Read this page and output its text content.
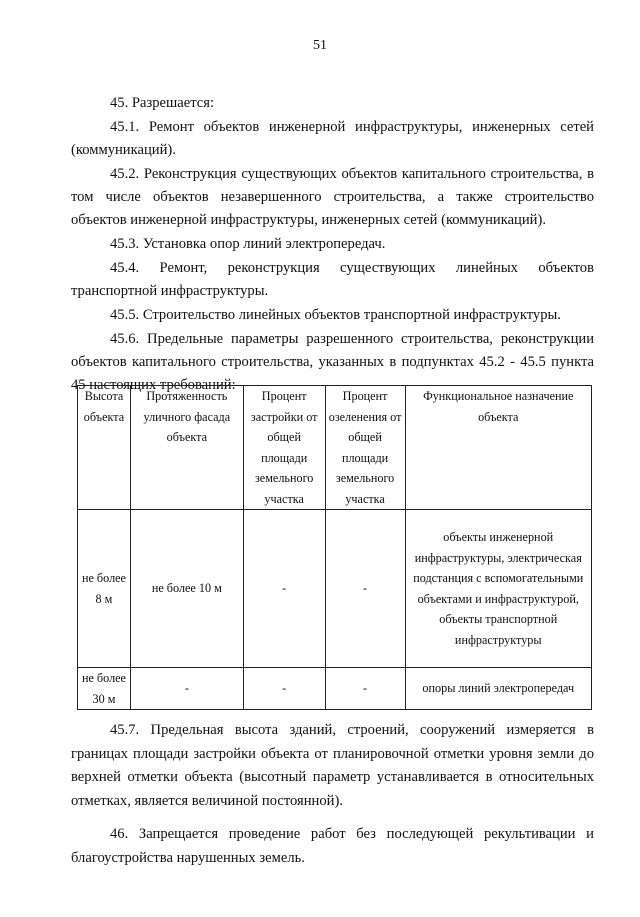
51

45. Разрешается:

45.1. Ремонт объектов инженерной инфраструктуры, инженерных сетей (коммуникаций).

45.2. Реконструкция существующих объектов капитального строительства, в том числе объектов незавершенного строительства, а также строительство объектов инженерной инфраструктуры, инженерных сетей (коммуникаций).

45.3. Установка опор линий электропередач.

45.4. Ремонт, реконструкция существующих линейных объектов транспортной инфраструктуры.

45.5. Строительство линейных объектов транспортной инфраструктуры.

45.6. Предельные параметры разрешенного строительства, реконструкции объектов капитального строительства, указанных в подпунктах 45.2 - 45.5 пункта 45 настоящих требований:

Высота объекта	Протяженность уличного фасада объекта	Процент застройки от общей площади земельного участка	Процент озеленения от общей площади земельного участка	Функциональное назначение объекта
не более 8 м	не более 10 м	-	-	объекты инженерной инфраструктуры, электрическая подстанция с вспомогательными объектами и инфраструктурой, объекты транспортной инфраструктуры
не более 30 м	-	-	-	опоры линий электропередач

45.7. Предельная высота зданий, строений, сооружений измеряется в границах площади застройки объекта от планировочной отметки уровня земли до верхней отметки объекта (высотный параметр устанавливается в относительных отметках, является величиной постоянной).

46. Запрещается проведение работ без последующей рекультивации и благоустройства нарушенных земель.
